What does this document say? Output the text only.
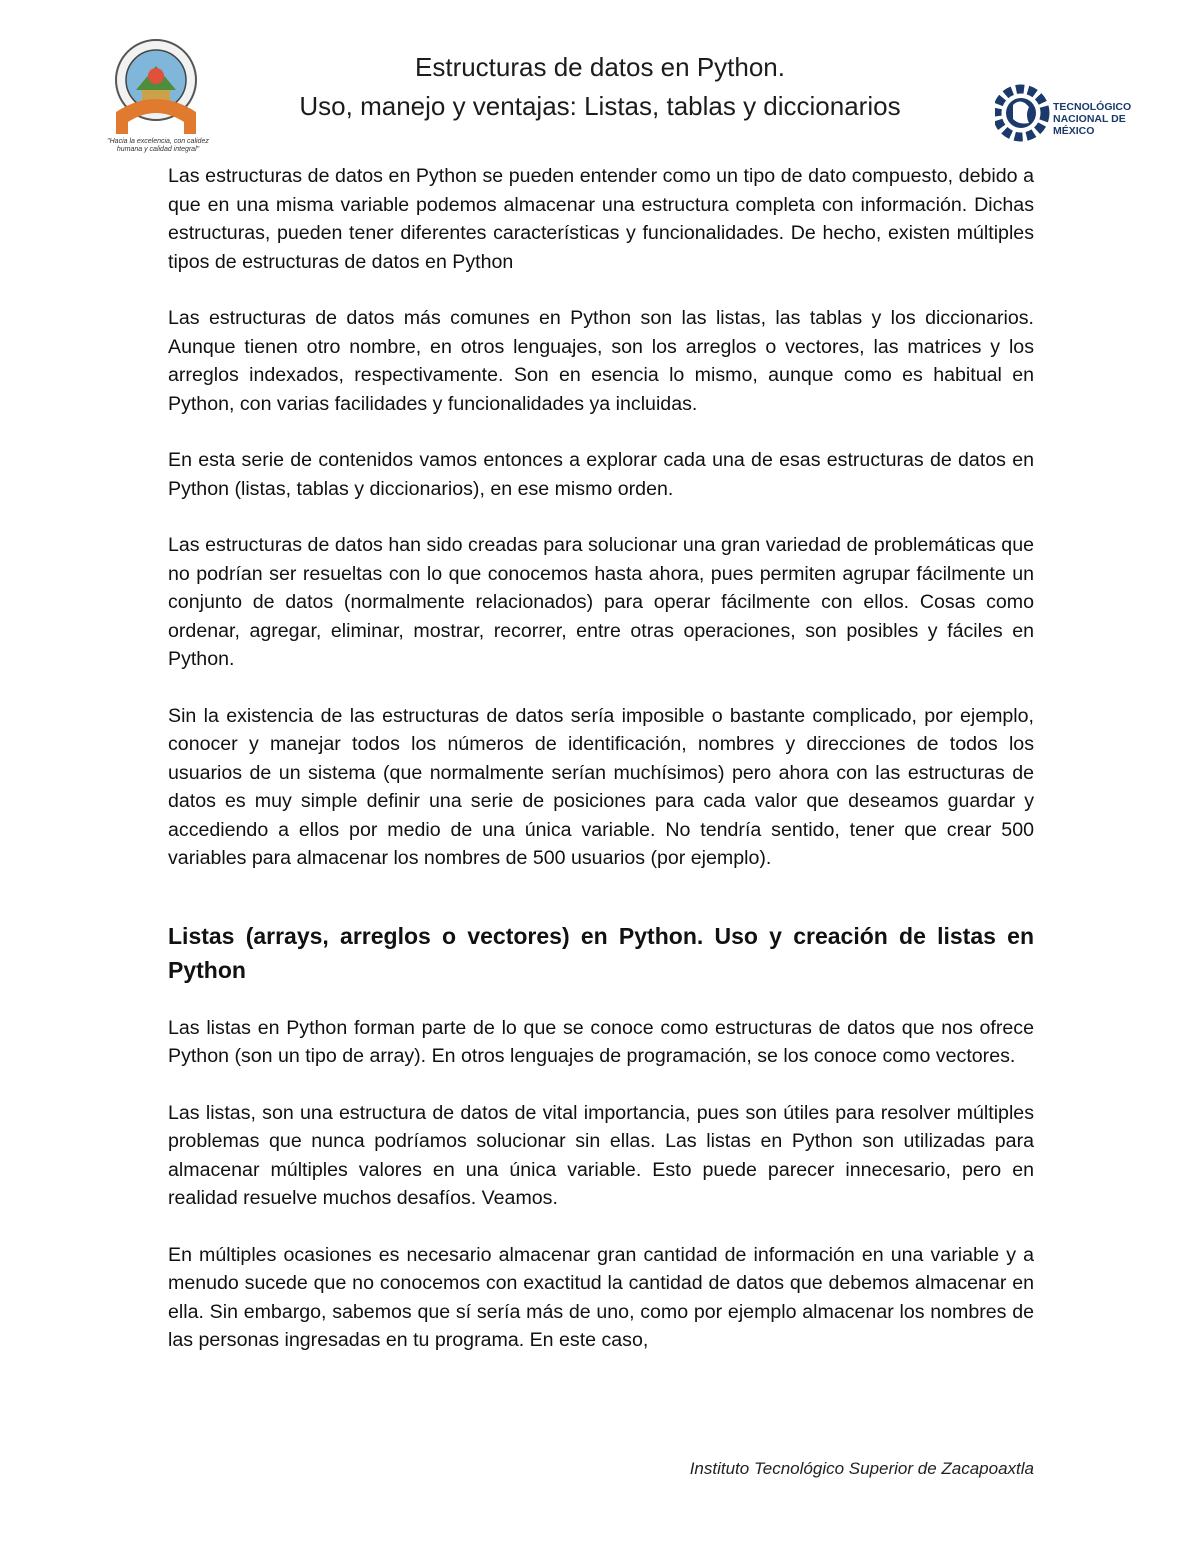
"Hacia la excelencia, con calidez humana y calidad integral"
Estructuras de datos en Python.
Uso, manejo y ventajas: Listas, tablas y diccionarios	TECNOLÓGICO
NACIONAL DE MÉXICO

Las estructuras de datos en Python se pueden entender como un tipo de dato compuesto, debido a que en una misma variable podemos almacenar una estructura completa con información. Dichas estructuras, pueden tener diferentes características y funcionalidades. De hecho, existen múltiples tipos de estructuras de datos en Python

Las estructuras de datos más comunes en Python son las listas, las tablas y los diccionarios. Aunque tienen otro nombre, en otros lenguajes, son los arreglos o vectores, las matrices y los arreglos indexados, respectivamente. Son en esencia lo mismo, aunque como es habitual en Python, con varias facilidades y funcionalidades ya incluidas.

En esta serie de contenidos vamos entonces a explorar cada una de esas estructuras de datos en Python (listas, tablas y diccionarios), en ese mismo orden.

Las estructuras de datos han sido creadas para solucionar una gran variedad de problemáticas que no podrían ser resueltas con lo que conocemos hasta ahora, pues permiten agrupar fácilmente un conjunto de datos (normalmente relacionados) para operar fácilmente con ellos. Cosas como ordenar, agregar, eliminar, mostrar, recorrer, entre otras operaciones, son posibles y fáciles en Python.

Sin la existencia de las estructuras de datos sería imposible o bastante complicado, por ejemplo, conocer y manejar todos los números de identificación, nombres y direcciones de todos los usuarios de un sistema (que normalmente serían muchísimos) pero ahora con las estructuras de datos es muy simple definir una serie de posiciones para cada valor que deseamos guardar y accediendo a ellos por medio de una única variable. No tendría sentido, tener que crear 500 variables para almacenar los nombres de 500 usuarios (por ejemplo).

Listas (arrays, arreglos o vectores) en Python. Uso y creación de listas en Python

Las listas en Python forman parte de lo que se conoce como estructuras de datos que nos ofrece Python (son un tipo de array). En otros lenguajes de programación, se los conoce como vectores.

Las listas, son una estructura de datos de vital importancia, pues son útiles para resolver múltiples problemas que nunca podríamos solucionar sin ellas. Las listas en Python son utilizadas para almacenar múltiples valores en una única variable. Esto puede parecer innecesario, pero en realidad resuelve muchos desafíos. Veamos.

En múltiples ocasiones es necesario almacenar gran cantidad de información en una variable y a menudo sucede que no conocemos con exactitud la cantidad de datos que debemos almacenar en ella. Sin embargo, sabemos que sí sería más de uno, como por ejemplo almacenar los nombres de las personas ingresadas en tu programa. En este caso,

Instituto Tecnológico Superior de Zacapoaxtla
